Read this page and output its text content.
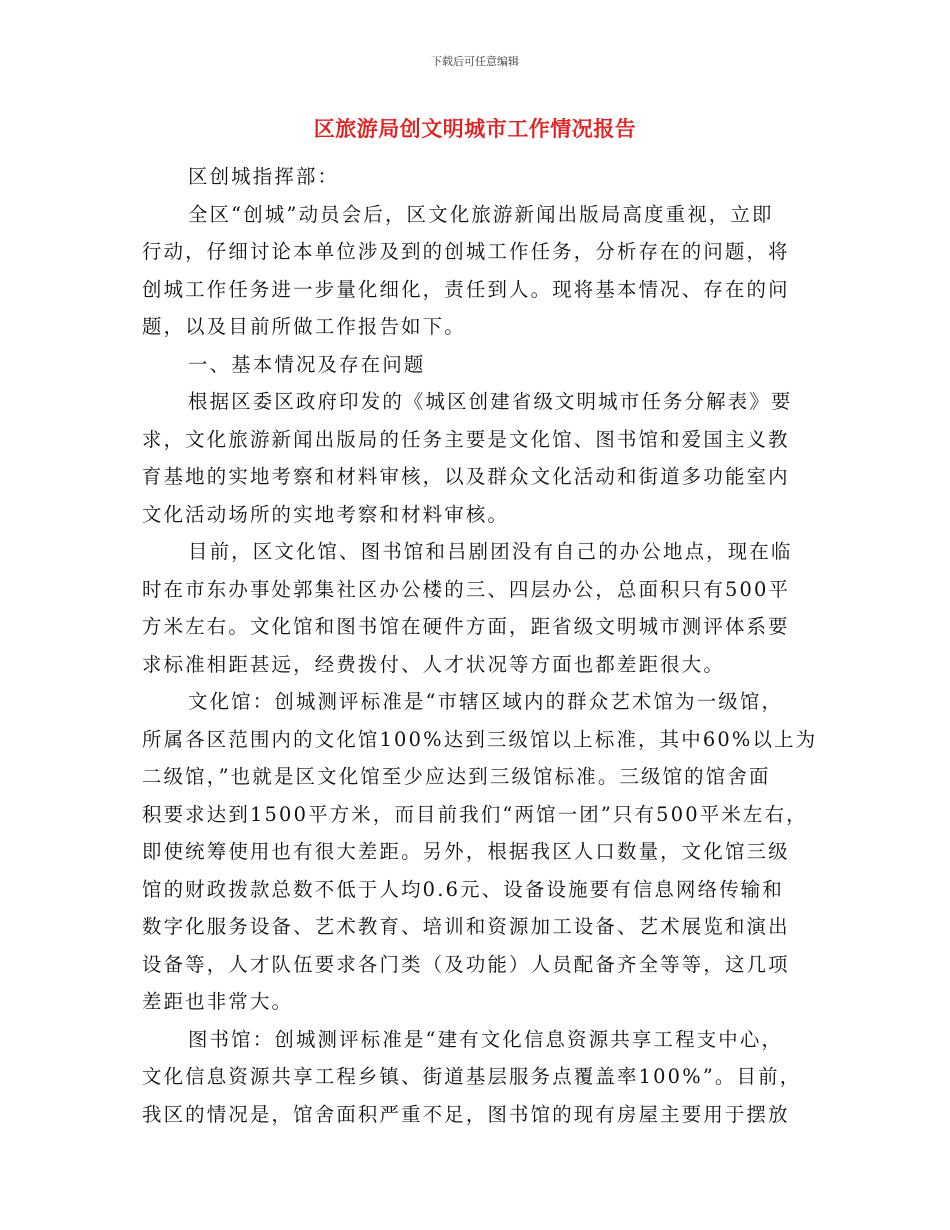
下载后可任意编辑
区旅游局创文明城市工作情况报告
区创城指挥部：
全区“创城”动员会后，区文化旅游新闻出版局高度重视，立即
行动，仔细讨论本单位涉及到的创城工作任务，分析存在的问题，将
创城工作任务进一步量化细化，责任到人。现将基本情况、存在的问
题，以及目前所做工作报告如下。
一、基本情况及存在问题
根据区委区政府印发的《城区创建省级文明城市任务分解表》要
求，文化旅游新闻出版局的任务主要是文化馆、图书馆和爱国主义教
育基地的实地考察和材料审核，以及群众文化活动和街道多功能室内
文化活动场所的实地考察和材料审核。
目前，区文化馆、图书馆和吕剧团没有自己的办公地点，现在临
时在市东办事处郭集社区办公楼的三、四层办公，总面积只有500平
方米左右。文化馆和图书馆在硬件方面，距省级文明城市测评体系要
求标准相距甚远，经费拨付、人才状况等方面也都差距很大。
文化馆：创城测评标准是“市辖区域内的群众艺术馆为一级馆，
所属各区范围内的文化馆100%达到三级馆以上标准，其中60%以上为
二级馆，”也就是区文化馆至少应达到三级馆标准。三级馆的馆舍面
积要求达到1500平方米，而目前我们“两馆一团”只有500平米左右，
即使统筹使用也有很大差距。另外，根据我区人口数量，文化馆三级
馆的财政拨款总数不低于人均0.6元、设备设施要有信息网络传输和
数字化服务设备、艺术教育、培训和资源加工设备、艺术展览和演出
设备等，人才队伍要求各门类（及功能）人员配备齐全等等，这几项
差距也非常大。
图书馆：创城测评标准是“建有文化信息资源共享工程支中心，
文化信息资源共享工程乡镇、街道基层服务点覆盖率100%”。目前，
我区的情况是，馆舍面积严重不足，图书馆的现有房屋主要用于摆放
